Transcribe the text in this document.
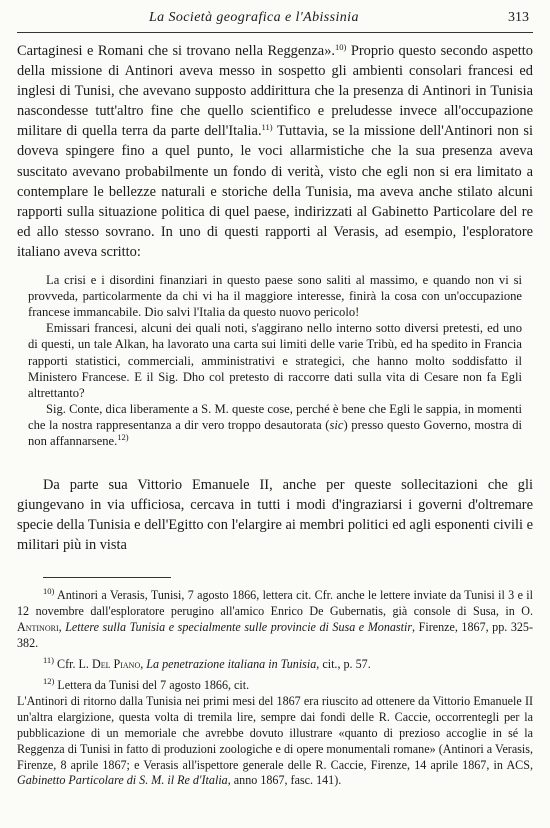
La Società geografica e l'Abissinia	313

Cartaginesi e Romani che si trovano nella Reggenza».$^{10)}$ Proprio questo secondo aspetto della missione di Antinori aveva messo in sospetto gli ambienti consolari francesi ed inglesi di Tunisi, che avevano supposto addirittura che la presenza di Antinori in Tunisia nascondesse tutt'altro fine che quello scientifico e preludesse invece all'occupazione militare di quella terra da parte dell'Italia.$^{11)}$ Tuttavia, se la missione dell'Antinori non si doveva spingere fino a quel punto, le voci allarmistiche che la sua presenza aveva suscitato avevano probabilmente un fondo di verità, visto che egli non si era limitato a contemplare le bellezze naturali e storiche della Tunisia, ma aveva anche stilato alcuni rapporti sulla situazione politica di quel paese, indirizzati al Gabinetto Particolare del re ed allo stesso sovrano. In uno di questi rapporti al Verasis, ad esempio, l'esploratore italiano aveva scritto:

La crisi e i disordini finanziari in questo paese sono saliti al massimo, e quando non vi si provveda, particolarmente da chi vi ha il maggiore interesse, finirà la cosa con un'occupazione francese immancabile. Dio salvi l'Italia da questo nuovo pericolo!

Emissari francesi, alcuni dei quali noti, s'aggirano nello interno sotto diversi pretesti, ed uno di questi, un tale Alkan, ha lavorato una carta sui limiti delle varie Tribù, ed ha spedito in Francia rapporti statistici, commerciali, amministrativi e strategici, che hanno molto soddisfatto il Ministero Francese. E il Sig. Dho col pretesto di raccorre dati sulla vita di Cesare non fa Egli altrettanto?

Sig. Conte, dica liberamente a S. M. queste cose, perché è bene che Egli le sappia, in momenti che la nostra rappresentanza a dir vero troppo desautorata (sic) presso questo Governo, mostra di non affannarsene.$^{12)}$

Da parte sua Vittorio Emanuele II, anche per queste sollecitazioni che gli giungevano in via ufficiosa, cercava in tutti i modi d'ingraziarsi i governi d'oltremare specie della Tunisia e dell'Egitto con l'elargire ai membri politici ed agli esponenti civili e militari più in vista

$^{10)}$ Antinori a Verasis, Tunisi, 7 agosto 1866, lettera cit. Cfr. anche le lettere inviate da Tunisi il 3 e il 12 novembre dall'esploratore perugino all'amico Enrico De Gubernatis, già console di Susa, in O. Antinori, Lettere sulla Tunisia e specialmente sulle provincie di Susa e Monastir, Firenze, 1867, pp. 325-382.

$^{11)}$ Cfr. L. Del Piano, La penetrazione italiana in Tunisia, cit., p. 57.

$^{12)}$ Lettera da Tunisi del 7 agosto 1866, cit.

L'Antinori di ritorno dalla Tunisia nei primi mesi del 1867 era riuscito ad ottenere da Vittorio Emanuele II un'altra elargizione, questa volta di tremila lire, sempre dai fondi delle R. Caccie, occorrentegli per la pubblicazione di un memoriale che avrebbe dovuto illustrare «quanto di prezioso accoglie in sé la Reggenza di Tunisi in fatto di produzioni zoologiche e di opere monumentali romane» (Antinori a Verasis, Firenze, 8 aprile 1867; e Verasis all'ispettore generale delle R. Caccie, Firenze, 14 aprile 1867, in ACS, Gabinetto Particolare di S. M. il Re d'Italia, anno 1867, fasc. 141).
